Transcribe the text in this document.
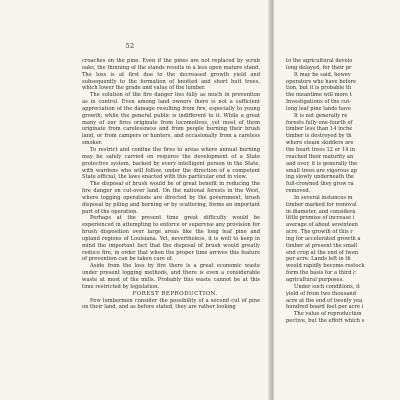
52

croaches on the pine. Even if the pines are not replaced by scrub oaks, the thinning of the stands results in a less open mature stand. The loss is at first due to the decreased growth yield and subsequently to the formation of knotted and short butt trees, which lower the grade and value of the lumber.

The solution of the fire danger lies fully as much in prevention as in control. Even among land owners there is not a sufficient appreciation of the damage resulting from fire, especially to young growth; while the general public is indifferent to it. While a great many of our fires originate from locomotives, yet most of them originate from carelessness and from people burning their brush land, or from campers or hunters, and occasionally from a careless smoker.

To restrict and confine the fires to areas where annual burning may be safely carried on requires the development of a State protective system, backed by every intelligent person in the State, with wardens who will follow, under the direction of a competent State official, the laws enacted with this particular end in view.

The disposal of brush would be of great benefit in reducing the fire danger on cut-over land. On the national forests in the West, where logging operations are directed by the government, brush disposal by piling and burning or by scattering, forms an important part of the operation.

Perhaps at the present time great difficulty would be experienced in attempting to enforce or supervise any provision for brush disposition over large areas like the long leaf pine and upland regions of Louisiana. Yet, nevertheless, it is well to keep in mind the important fact that the disposal of brush would greatly reduce fire, in order that when the proper time arrives this feature of prevention can be taken care of.

Aside from the loss by fire there is a great economic waste under present logging methods, and there is even a considerable waste at most of the mills. Probably this waste cannot be at this time restricted by legislation.

FOREST REPRODUCTION.

Few lumbermen consider the possibility of a second cut of pine on their land, and as before stated, they are rather looking

to the agricultural develo
long delayed, for their pr
It may be said, howev
operators who have before
tion, but it is probable th
the meantime will more t
Investigations of the cut-
long leaf pine lands have
It is not generally re
forests fully one-fourth of
timber less than 14 inche
timber is destroyed by th
where steam skidders are
the heart trees 12 or 14 in
reached their maturity an
and over, it is generally the
small trees are vigorous ap
ing slowly underneath the
full-crowned they grow ra
removed.
In several instances m
timber marked for removal
in diameter, and considera
little promise of increase i
average of about seventeen
acre. The growth of this r
ing for accelerated growth a
timber at present the small
end crop at the end of twen
per acre. Lands left in th
would rapidly become restock
form the basis for a third c
agricultural purposes.
Under such conditions, it
yield of from two thousand
acre at the end of twenty yea
hundred board feet per acre i
The value of reproduction
pective, but the effort which s
